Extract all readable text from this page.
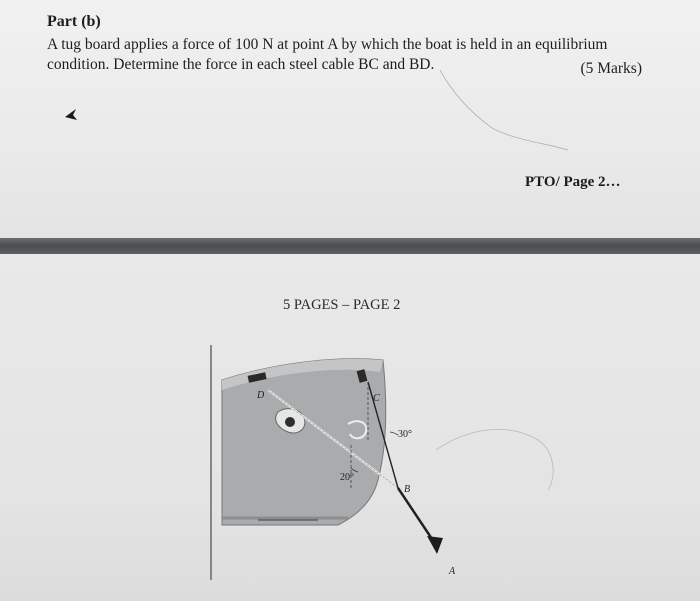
Part (b)

A tug board applies a force of 100 N at point A by which the boat is held in an equilibrium

condition. Determine the force in each steel cable BC and BD.	(5 Marks)
PTO/ Page 2…
5 PAGES – PAGE 2
D	C
B
A
30°
20°
